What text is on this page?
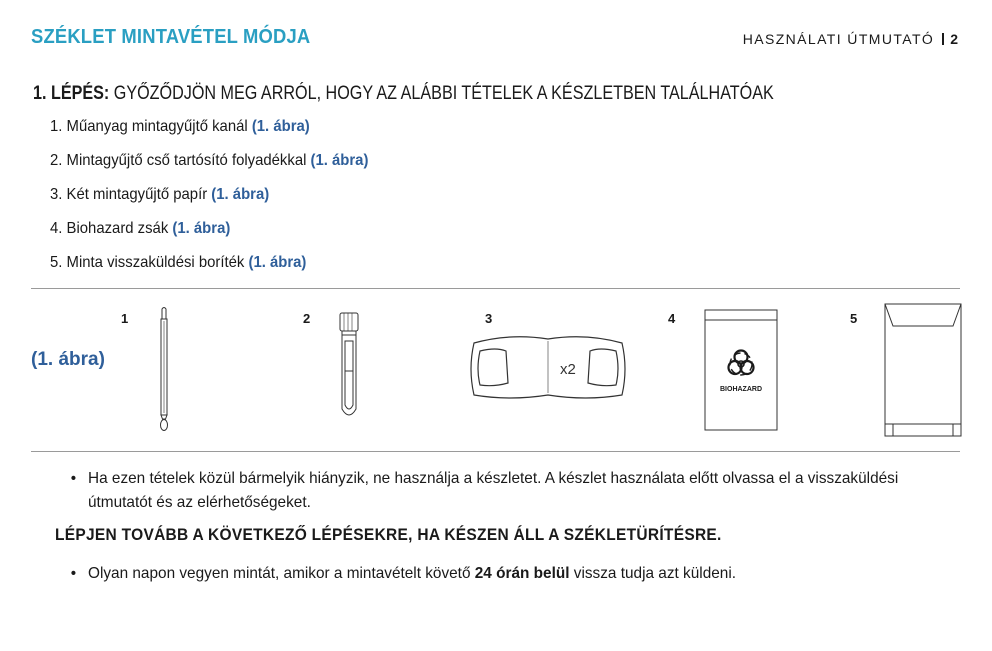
SZÉKLET MINTAVÉTEL MÓDJA	HASZNÁLATI ÚTMUTATÓ 2
1. LÉPÉS: GYŐZŐDJÖN MEG ARRÓL, HOGY AZ ALÁBBI TÉTELEK A KÉSZLETBEN TALÁLHATÓAK
1. Műanyag mintagyűjtő kanál (1. ábra)
2. Mintagyűjtő cső tartósító folyadékkal (1. ábra)
3. Két mintagyűjtő papír (1. ábra)
4. Biohazard zsák (1. ábra)
5. Minta visszaküldési boríték (1. ábra)
(1. ábra)
1	2	3	4	5
x2
BIOHAZARD
• Ha ezen tételek közül bármelyik hiányzik, ne használja a készletet. A készlet használata előtt olvassa el a visszaküldési útmutatót és az elérhetőségeket.
LÉPJEN TOVÁBB A KÖVETKEZŐ LÉPÉSEKRE, HA KÉSZEN ÁLL A SZÉKLETÜRÍTÉSRE.
• Olyan napon vegyen mintát, amikor a mintavételt követő 24 órán belül vissza tudja azt küldeni.
